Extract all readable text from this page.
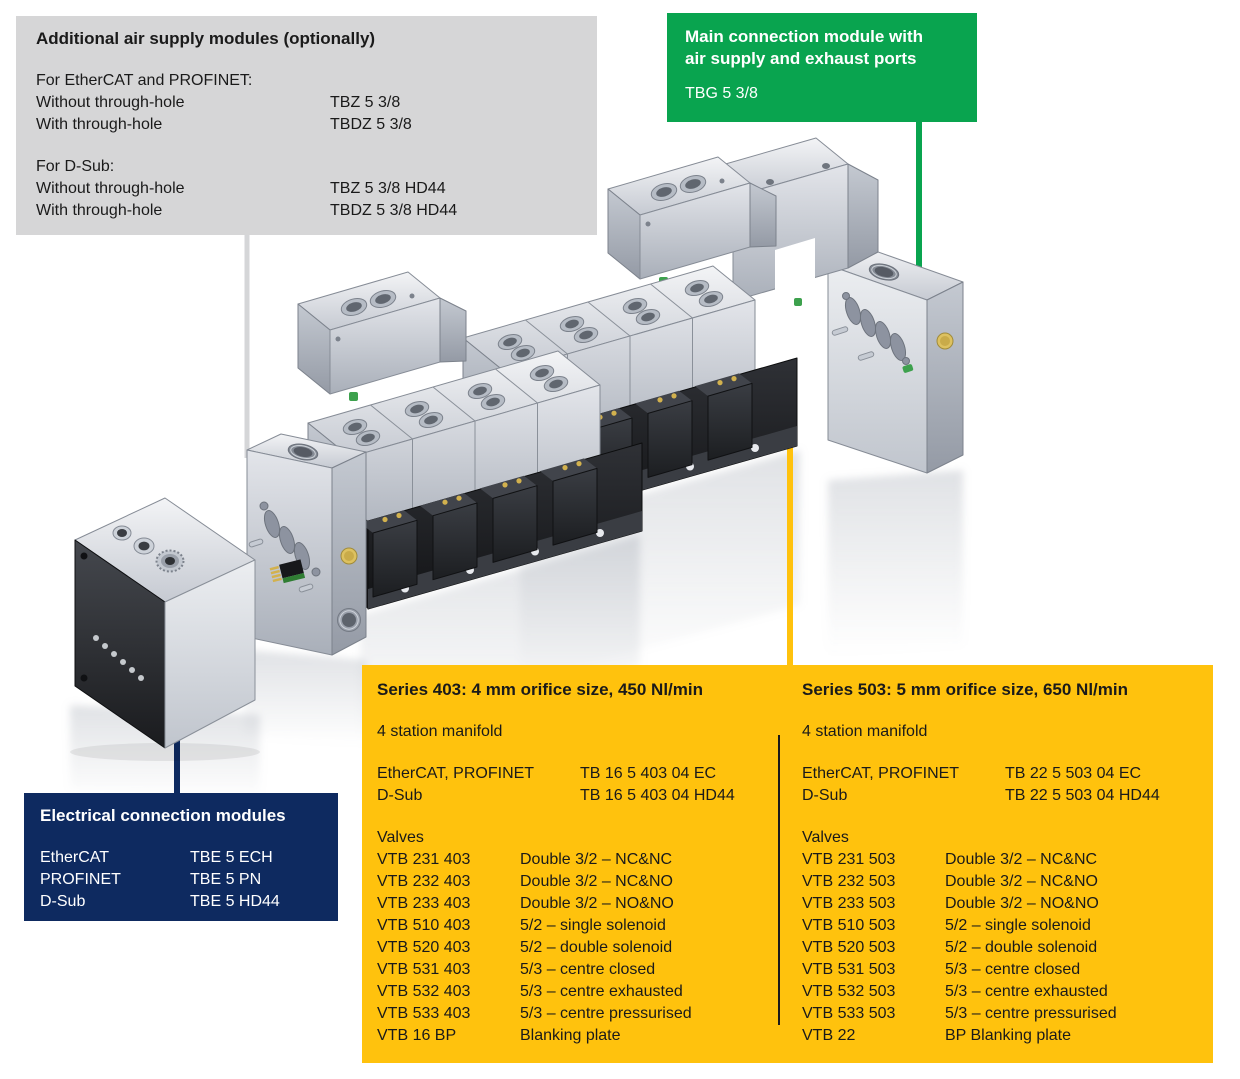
Additional air supply modules (optionally)
For EtherCAT and PROFINET:
Without through-hole	TBZ 5 3/8
With through-hole	TBDZ 5 3/8
For D-Sub:
Without through-hole	TBZ 5 3/8 HD44
With through-hole	TBDZ 5 3/8 HD44
Main connection module with
air supply and exhaust ports
TBG 5 3/8
Electrical connection modules
EtherCAT	TBE 5 ECH
PROFINET	TBE 5 PN
D-Sub	TBE 5 HD44
Series 403: 4 mm orifice size, 450 Nl/min
4 station manifold
EtherCAT, PROFINET	TB 16 5 403 04 EC
D-Sub	TB 16 5 403 04 HD44
Valves
VTB 231 403	Double 3/2 – NC&NC
VTB 232 403	Double 3/2 – NC&NO
VTB 233 403	Double 3/2 – NO&NO
VTB 510 403	5/2 – single solenoid
VTB 520 403	5/2 – double solenoid
VTB 531 403	5/3 – centre closed
VTB 532 403	5/3 – centre exhausted
VTB 533 403	5/3 – centre pressurised
VTB 16 BP	Blanking plate
Series 503: 5 mm orifice size, 650 Nl/min
4 station manifold
EtherCAT, PROFINET	TB 22 5 503 04 EC
D-Sub	TB 22 5 503 04 HD44
Valves
VTB 231 503	Double 3/2 – NC&NC
VTB 232 503	Double 3/2 – NC&NO
VTB 233 503	Double 3/2 – NO&NO
VTB 510 503	5/2 – single solenoid
VTB 520 503	5/2 – double solenoid
VTB 531 503	5/3 – centre closed
VTB 532 503	5/3 – centre exhausted
VTB 533 503	5/3 – centre pressurised
VTB 22	BP Blanking plate
